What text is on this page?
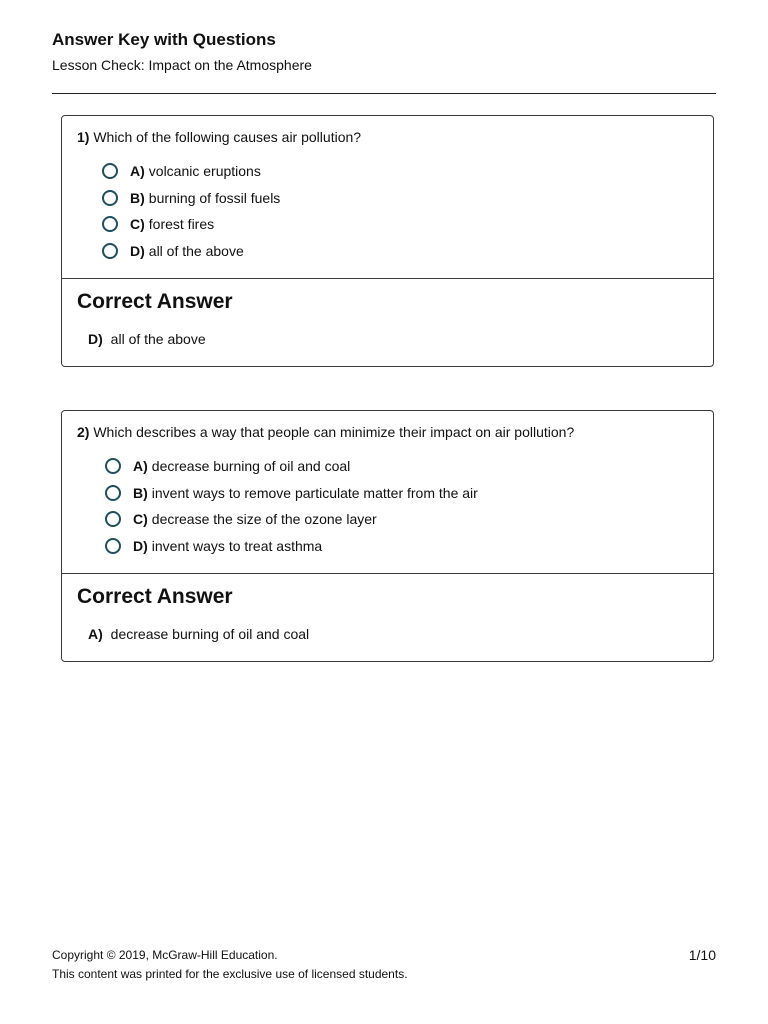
Answer Key with Questions
Lesson Check: Impact on the Atmosphere
1) Which of the following causes air pollution?
A) volcanic eruptions
B) burning of fossil fuels
C) forest fires
D) all of the above
Correct Answer
D) all of the above
2) Which describes a way that people can minimize their impact on air pollution?
A) decrease burning of oil and coal
B) invent ways to remove particulate matter from the air
C) decrease the size of the ozone layer
D) invent ways to treat asthma
Correct Answer
A) decrease burning of oil and coal
Copyright © 2019, McGraw-Hill Education.
This content was printed for the exclusive use of licensed students.
1/10
